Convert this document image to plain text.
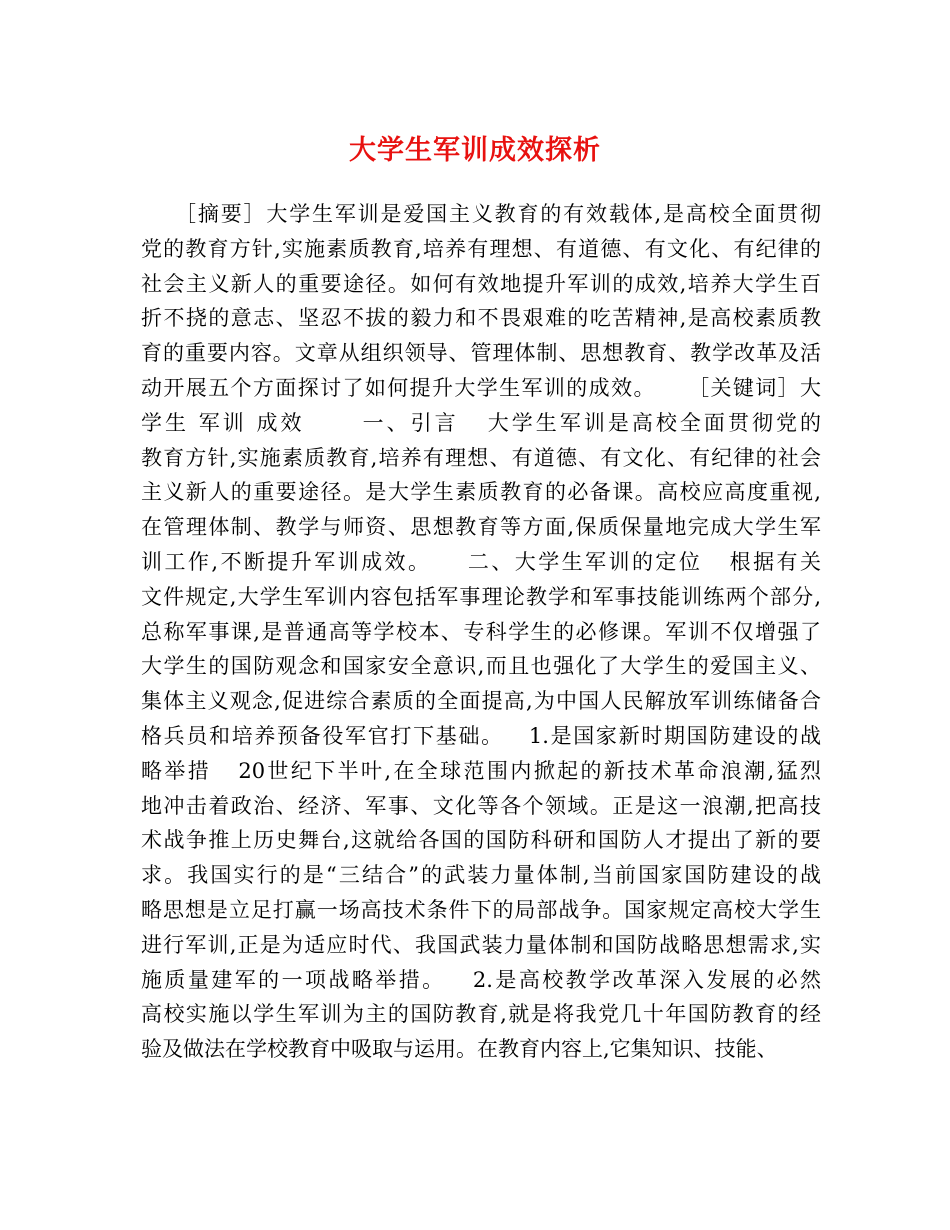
大学生军训成效探析
［摘要］大学生军训是爱国主义教育的有效载体,是高校全面贯彻
党的教育方针,实施素质教育,培养有理想、有道德、有文化、有纪律的
社会主义新人的重要途径。如何有效地提升军训的成效,培养大学生百
折不挠的意志、坚忍不拔的毅力和不畏艰难的吃苦精神,是高校素质教
育的重要内容。文章从组织领导、管理体制、思想教育、教学改革及活
动开展五个方面探讨了如何提升大学生军训的成效。    ［关键词］大
学生 军训 成效      一、引言   大学生军训是高校全面贯彻党的
教育方针,实施素质教育,培养有理想、有道德、有文化、有纪律的社会
主义新人的重要途径。是大学生素质教育的必备课。高校应高度重视,
在管理体制、教学与师资、思想教育等方面,保质保量地完成大学生军
训工作,不断提升军训成效。    二、大学生军训的定位   根据有关
文件规定,大学生军训内容包括军事理论教学和军事技能训练两个部分,
总称军事课,是普通高等学校本、专科学生的必修课。军训不仅增强了
大学生的国防观念和国家安全意识,而且也强化了大学生的爱国主义、
集体主义观念,促进综合素质的全面提高,为中国人民解放军训练储备合
格兵员和培养预备役军官打下基础。   1.是国家新时期国防建设的战
略举措   20世纪下半叶,在全球范围内掀起的新技术革命浪潮,猛烈
地冲击着政治、经济、军事、文化等各个领域。正是这一浪潮,把高技
术战争推上历史舞台,这就给各国的国防科研和国防人才提出了新的要
求。我国实行的是“三结合”的武装力量体制,当前国家国防建设的战
略思想是立足打赢一场高技术条件下的局部战争。国家规定高校大学生
进行军训,正是为适应时代、我国武装力量体制和国防战略思想需求,实
施质量建军的一项战略举措。   2.是高校教学改革深入发展的必然
高校实施以学生军训为主的国防教育,就是将我党几十年国防教育的经
验及做法在学校教育中吸取与运用。在教育内容上,它集知识、技能、
